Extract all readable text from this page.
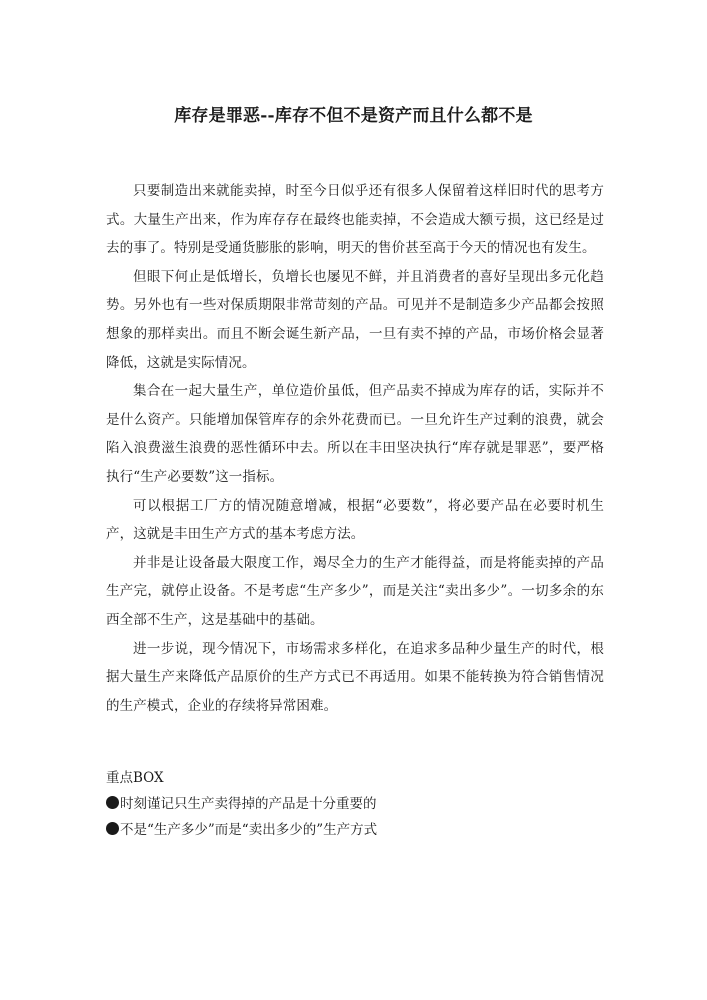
库存是罪恶--库存不但不是资产而且什么都不是

只要制造出来就能卖掉，时至今日似乎还有很多人保留着这样旧时代的思考方式。大量生产出来，作为库存存在最终也能卖掉，不会造成大额亏损，这已经是过去的事了。特别是受通货膨胀的影响，明天的售价甚至高于今天的情况也有发生。

但眼下何止是低增长，负增长也屡见不鲜，并且消费者的喜好呈现出多元化趋势。另外也有一些对保质期限非常苛刻的产品。可见并不是制造多少产品都会按照想象的那样卖出。而且不断会诞生新产品，一旦有卖不掉的产品，市场价格会显著降低，这就是实际情况。

集合在一起大量生产，单位造价虽低，但产品卖不掉成为库存的话，实际并不是什么资产。只能增加保管库存的余外花费而已。一旦允许生产过剩的浪费，就会陷入浪费滋生浪费的恶性循环中去。所以在丰田坚决执行“库存就是罪恶”，要严格执行“生产必要数”这一指标。

可以根据工厂方的情况随意增减，根据“必要数”，将必要产品在必要时机生产，这就是丰田生产方式的基本考虑方法。

并非是让设备最大限度工作，竭尽全力的生产才能得益，而是将能卖掉的产品生产完，就停止设备。不是考虑“生产多少”，而是关注“卖出多少”。一切多余的东西全部不生产，这是基础中的基础。

进一步说，现今情况下，市场需求多样化，在追求多品种少量生产的时代，根据大量生产来降低产品原价的生产方式已不再适用。如果不能转换为符合销售情况的生产模式，企业的存续将异常困难。

重点BOX

时刻谨记只生产卖得掉的产品是十分重要的

不是“生产多少”而是“卖出多少的”生产方式
